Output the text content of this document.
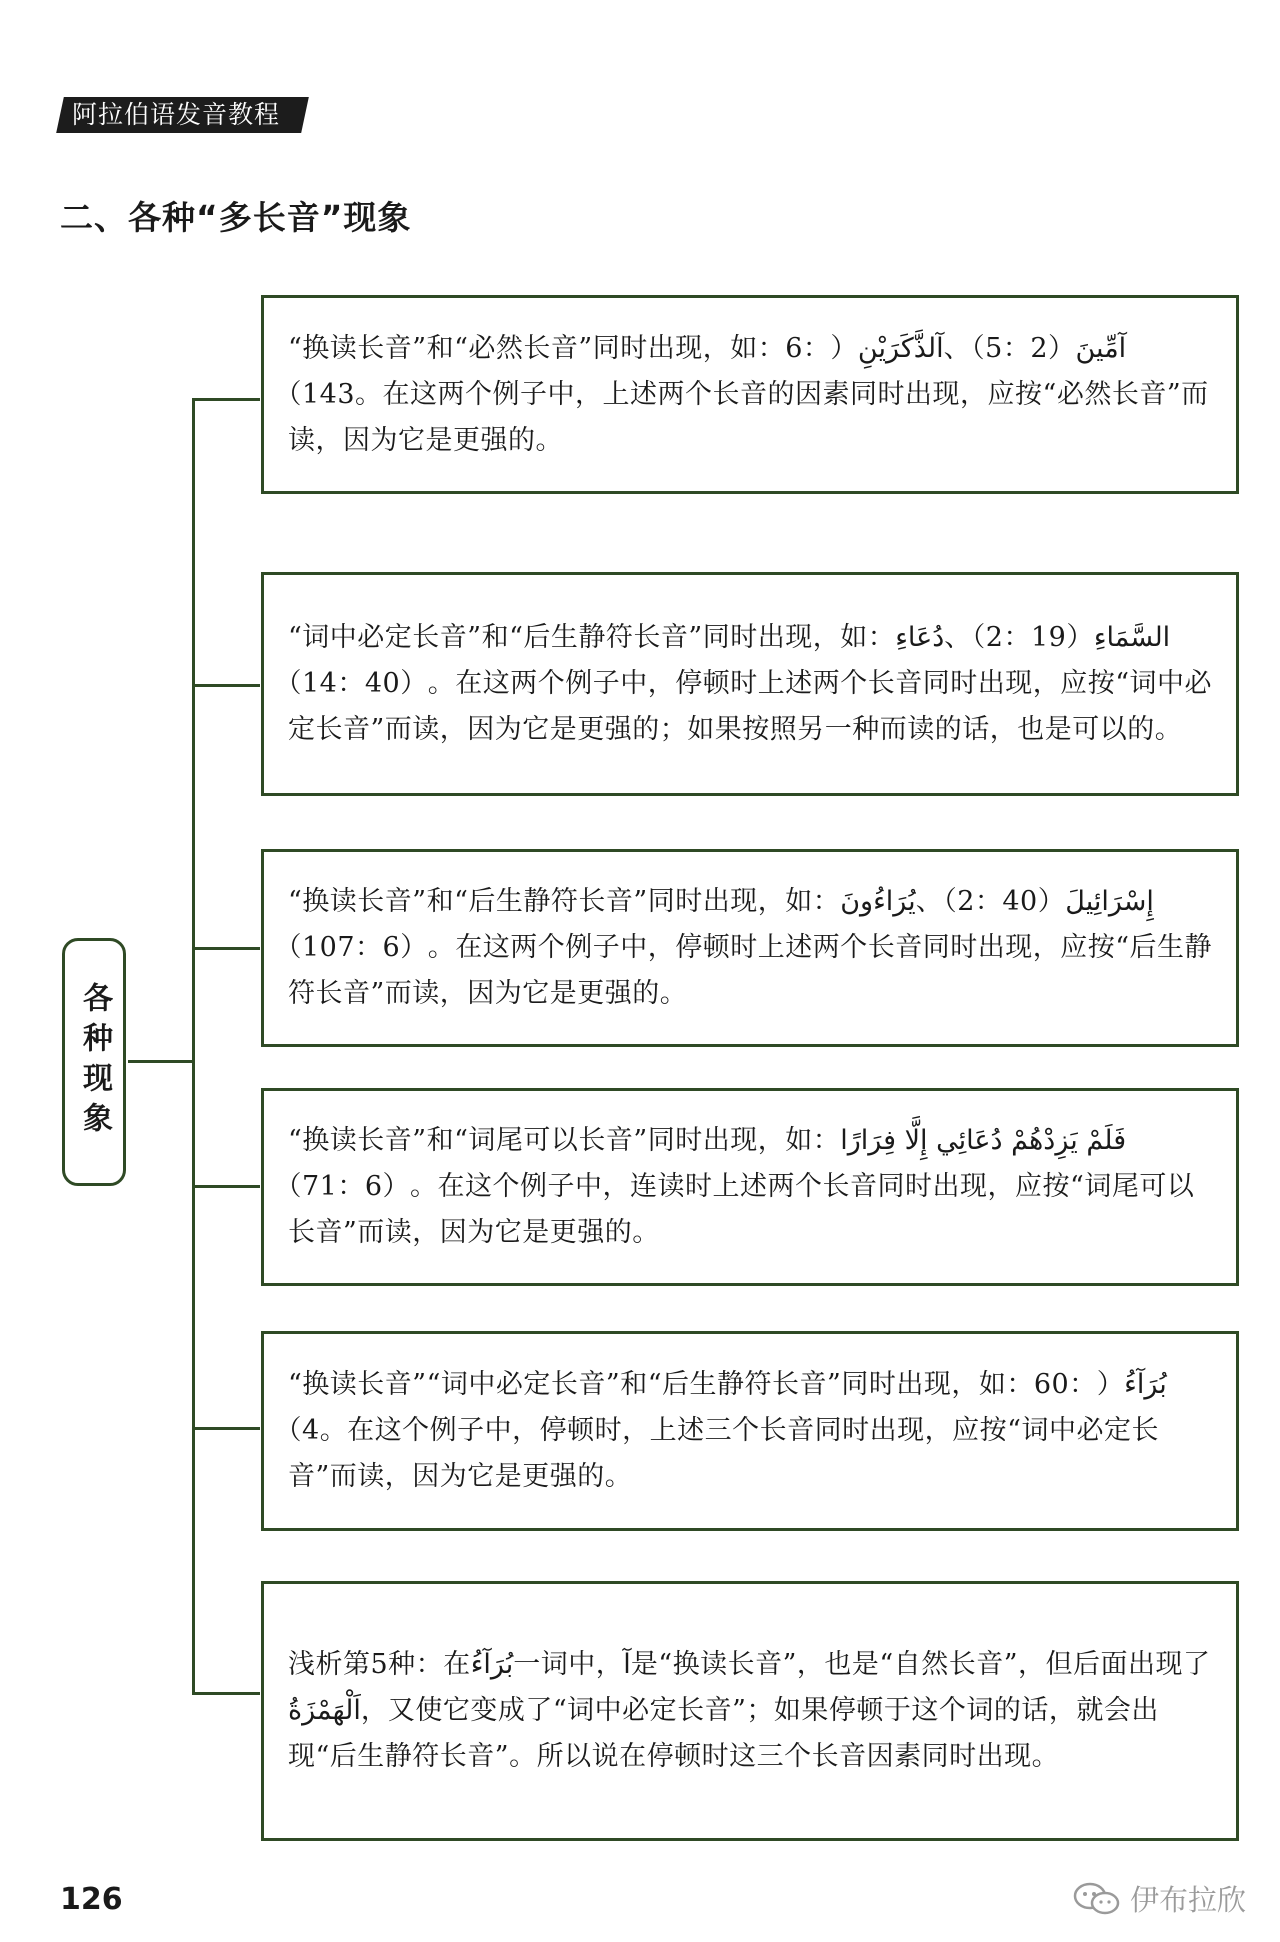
阿拉伯语发音教程
二、各种“多长音”现象
各种现象

“换读长音”和“必然长音”同时出现，如：آمِّينَ（5：2）、آلذَّكَرَيْنِ（6：143）。在这两个例子中，上述两个长音的因素同时出现，应按“必然长音”而读，因为它是更强的。

“词中必定长音”和“后生静符长音”同时出现，如：السَّمَاءِ（2：19）、دُعَاءِ（14：40）。在这两个例子中，停顿时上述两个长音同时出现，应按“词中必定长音”而读，因为它是更强的；如果按照另一种而读的话，也是可以的。

“换读长音”和“后生静符长音”同时出现，如：إِسْرَائِيلَ（2：40）、يُرَاءُونَ（107：6）。在这两个例子中，停顿时上述两个长音同时出现，应按“后生静符长音”而读，因为它是更强的。

“换读长音”和“词尾可以长音”同时出现，如：فَلَمْ يَزِدْهُمْ دُعَائِي إِلَّا فِرَارًا（71：6）。在这个例子中，连读时上述两个长音同时出现，应按“词尾可以长音”而读，因为它是更强的。

“换读长音”“词中必定长音”和“后生静符长音”同时出现，如：بُرَآءُ（60：4）。在这个例子中，停顿时，上述三个长音同时出现，应按“词中必定长音”而读，因为它是更强的。

浅析第5种：在بُرَآءُ一词中，آ是“换读长音”，也是“自然长音”，但后面出现了اَلْهَمْزَةُ，又使它变成了“词中必定长音”；如果停顿于这个词的话，就会出现“后生静符长音”。所以说在停顿时这三个长音因素同时出现。

126	伊布拉欣
